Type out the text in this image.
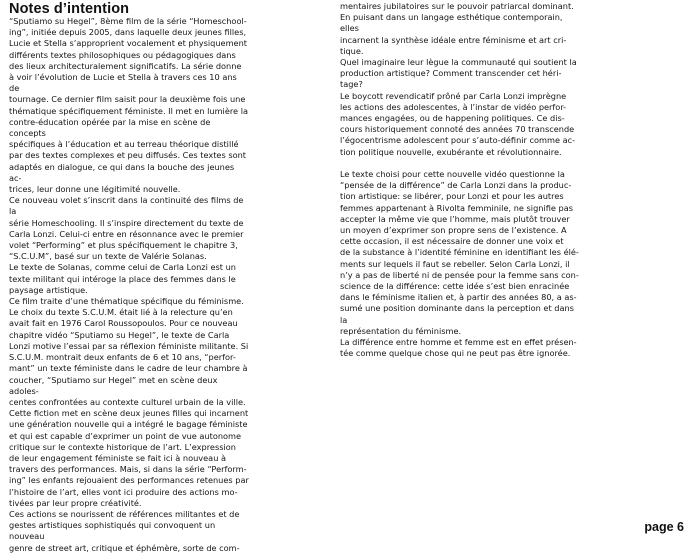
Notes d’intention

“Sputiamo su Hegel”, 8ème film de la série “Homeschool-
ing”, initiée depuis 2005, dans laquelle deux jeunes filles,
Lucie et Stella s’approprient vocalement et physiquement
différents textes philosophiques ou pédagogiques dans
des lieux architecturalement significatifs. La série donne
à voir l’évolution de Lucie et Stella à travers ces 10 ans de
tournage. Ce dernier film saisit pour la deuxième fois une
thématique spécifiquement féministe. Il met en lumière la
contre-éducation opérée par la mise en scène de concepts
spécifiques à l’éducation et au terreau théorique distillé
par des textes complexes et peu diffusés. Ces textes sont
adaptés en dialogue, ce qui dans la bouche des jeunes ac-
trices, leur donne une légitimité nouvelle.

Ce nouveau volet s’inscrit dans la continuité des films de la
série Homeschooling. Il s’inspire directement du texte de
Carla Lonzi. Celui-ci entre en résonnance avec le premier
volet “Performing” et plus spécifiquement le chapitre 3,
“S.C.U.M”, basé sur un texte de Valérie Solanas.

Le texte de Solanas, comme celui de Carla Lonzi est un
texte militant qui intéroge la place des femmes dans le
paysage artistique.

Ce film traite d’une thématique spécifique du féminisme.
Le choix du texte S.C.U.M. était lié à la relecture qu’en
avait fait en 1976 Carol Roussopoulos. Pour ce nouveau
chapitre vidéo “Sputiamo su Hegel”, le texte de Carla
Lonzi motive l’essai par sa réflexion féministe militante. Si
S.C.U.M. montrait deux enfants de 6 et 10 ans, “perfor-
mant” un texte féministe dans le cadre de leur chambre à
coucher, “Sputiamo sur Hegel” met en scène deux adoles-
centes confrontées au contexte culturel urbain de la ville.

Cette fiction met en scène deux jeunes filles qui incarnent
une génération nouvelle qui a intégré le bagage féministe
et qui est capable d’exprimer un point de vue autonome
critique sur le contexte historique de l’art. L’expression
de leur engagement féministe se fait ici à nouveau à travers des performances. Mais, si dans la série “Perform-
ing” les enfants rejouaient des performances retenues par
l’histoire de l’art, elles vont ici produire des actions mo-
tivées par leur propre créativité.

Ces actions se nourissent de références militantes et de
gestes artistiques sophistiqués qui convoquent un nouveau
genre de street art, critique et éphémère, sorte de com-

mentaires jubilatoires sur le pouvoir patriarcal dominant.
En puisant dans un langage esthétique contemporain, elles
incarnent la synthèse idéale entre féminisme et art cri-
tique.

Quel imaginaire leur lègue la communauté qui soutient la
production artistique? Comment transcender cet héri-
tage?

Le boycott revendicatif prôné par Carla Lonzi imprègne
les actions des adolescentes, à l’instar de vidéo perfor-
mances engagées, ou de happening politiques. Ce dis-
cours historiquement connoté des années 70 transcende
l’égocentrisme adolescent pour s’auto-définir comme ac-
tion politique nouvelle, exubérante et révolutionnaire.

Le texte choisi pour cette nouvelle vidéo questionne la
“pensée de la différence” de Carla Lonzi dans la produc-
tion artistique: se libérer, pour Lonzi et pour les autres
femmes appartenant à Rivolta femminile, ne signifie pas
accepter la même vie que l’homme, mais plutôt trouver
un moyen d’exprimer son propre sens de l’existence. A
cette occasion, il est nécessaire de donner une voix et
de la substance à l’identité féminine en identifiant les élé-
ments sur lequels il faut se rebeller. Selon Carla Lonzi, il
n’y a pas de liberté ni de pensée pour la femme sans con-
science de la différence: cette idée s’est bien enracinée
dans le féminisme italien et, à partir des années 80, a as-
sumé une position dominante dans la perception et dans la
représentation du féminisme.

La différence entre homme et femme est en effet présen-
tée comme quelque chose qui ne peut pas être ignorée.

page 6
